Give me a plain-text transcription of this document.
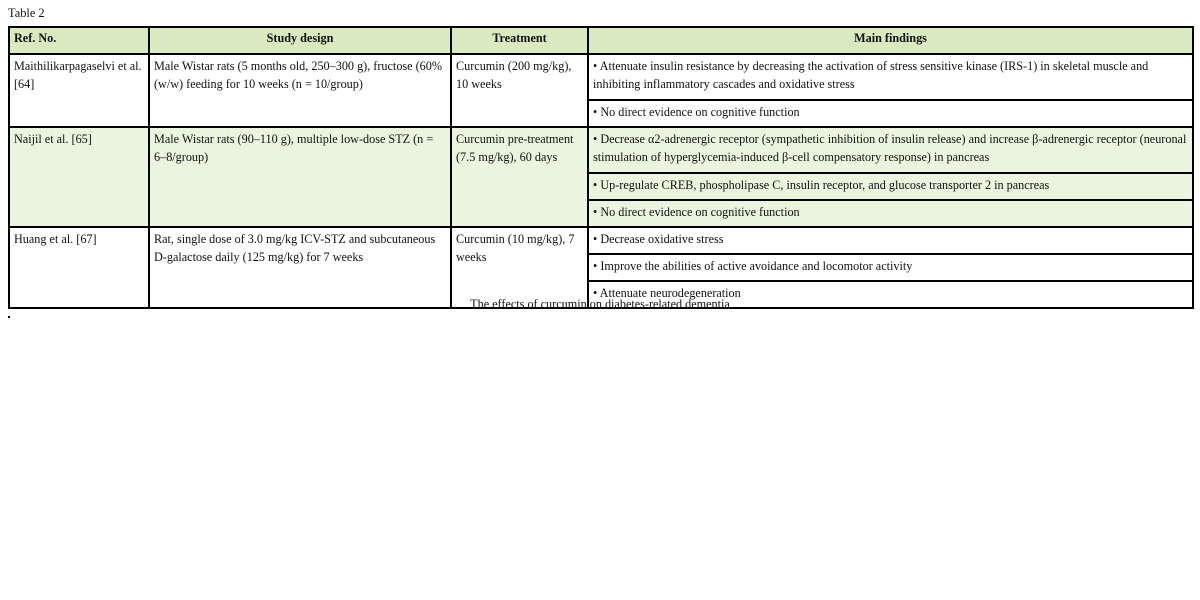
Table 2
Ref. No.	Study design	Treatment	Main findings
Maithilikarpagaselvi et al. [64]	Male Wistar rats (5 months old, 250–300 g), fructose (60% (w/w) feeding for 10 weeks (n = 10/group)	Curcumin (200 mg/kg), 10 weeks	• Attenuate insulin resistance by decreasing the activation of stress sensitive kinase (IRS-1) in skeletal muscle and inhibiting inflammatory cascades and oxidative stress
			• No direct evidence on cognitive function
Naijil et al. [65]	Male Wistar rats (90–110 g), multiple low-dose STZ (n = 6–8/group)	Curcumin pre-treatment (7.5 mg/kg), 60 days	• Decrease α2-adrenergic receptor (sympathetic inhibition of insulin release) and increase β-adrenergic receptor (neuronal stimulation of hyperglycemia-induced β-cell compensatory response) in pancreas
			• Up-regulate CREB, phospholipase C, insulin receptor, and glucose transporter 2 in pancreas
			• No direct evidence on cognitive function
Huang et al. [67]	Rat, single dose of 3.0 mg/kg ICV-STZ and subcutaneous D-galactose daily (125 mg/kg) for 7 weeks	Curcumin (10 mg/kg), 7 weeks	• Decrease oxidative stress
			• Improve the abilities of active avoidance and locomotor activity
			• Attenuate neurodegeneration
The effects of curcumin on diabetes-related dementia
